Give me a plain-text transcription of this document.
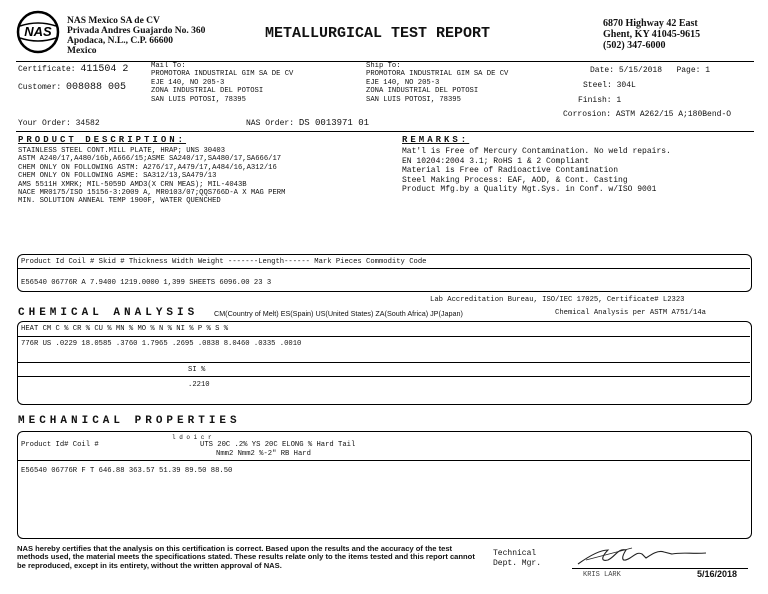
NAS
NAS Mexico SA de CV
Privada Andres Guajardo No. 360
Apodaca, N.L., C.P. 66600
Mexico
METALLURGICAL TEST REPORT
6870 Highway 42 East
Ghent, KY 41045-9615
(502) 347-6000
Certificate: 411504 2
Customer: 008088 005
Mail To:
PROMOTORA INDUSTRIAL GIM SA DE CV
EJE 140, NO 205-3
ZONA INDUSTRIAL DEL POTOSI
SAN LUIS POTOSI, 78395
Ship To:
PROMOTORA INDUSTRIAL GIM SA DE CV
EJE 140, NO 205-3
ZONA INDUSTRIAL DEL POTOSI
SAN LUIS POTOSI, 78395
Date: 5/15/2018 Page: 1
Steel: 304L
Finish: 1
Corrosion: ASTM A262/15 A;180Bend-O
Your Order: 34582	NAS Order: DS 0013971 01
PRODUCT DESCRIPTION:
STAINLESS STEEL CONT.MILL PLATE, HRAP; UNS 30403
ASTM A240/17,A480/16b,A666/15;ASME SA240/17,SA480/17,SA666/17
CHEM ONLY ON FOLLOWING ASTM: A276/17,A479/17,A484/16,A312/16
CHEM ONLY ON FOLLOWING ASME: SA312/13,SA479/13
AMS 5511H XMRK; MIL-5059D AMD3(X CRN MEAS); MIL-4043B
NACE MR0175/ISO 15156-3:2009 A, MR0103/07;QQS766D-A X MAG PERM
MIN. SOLUTION ANNEAL TEMP 1900F, WATER QUENCHED
REMARKS:
Mat'l is Free of Mercury Contamination. No weld repairs.
EN 10204:2004 3.1; RoHS 1 & 2 Compliant
Material is Free of Radioactive Contamination
Steel Making Process: EAF, AOD, & Cont. Casting
Product Mfg.by a Quality Mgt.Sys. in Conf. w/ISO 9001
Product Id Coil # Skid # Thickness Width Weight -------Length------ Mark Pieces Commodity Code
E56540 06776R A 7.9400 1219.0000 1,399 SHEETS 6096.00 23 3
Lab Accreditation Bureau, ISO/IEC 17025, Certificate# L2323
CHEMICAL ANALYSIS CM(Country of Melt) ES(Spain) US(United States) ZA(South Africa) JP(Japan)	Chemical Analysis per ASTM A751/14a
HEAT CM C % CR % CU % MN % MO % N % NI % P % S %
776R US .0229 18.0585 .3760 1.7965 .2695 .0838 8.0460 .0335 .0010
SI %
.2210
MECHANICAL PROPERTIES
Product Id# Coil #
l d o i c r
UTS 20C .2% YS 20C ELONG % Hard Tail
Nmm2 Nmm2 %-2" RB Hard
E56540 06776R F T 646.88 363.57 51.39 89.50 88.50
NAS hereby certifies that the analysis on this certification is correct. Based upon the results and the accuracy of the test methods used, the material meets the specifications stated. These results relate only to the items tested and this report cannot be reproduced, except in its entirety, without the written approval of NAS.
Technical
Dept. Mgr.
KRIS LARK	5/16/2018
